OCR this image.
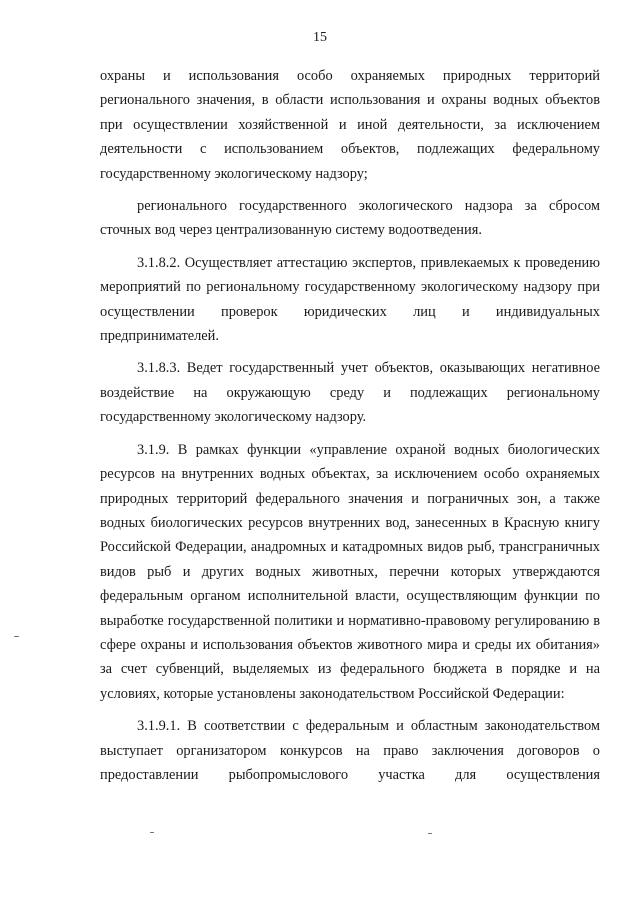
15

охраны и использования особо охраняемых природных территорий регионального значения, в области использования и охраны водных объектов при осуществлении хозяйственной и иной деятельности, за исключением деятельности с использованием объектов, подлежащих федеральному государственному экологическому надзору;

регионального государственного экологического надзора за сбросом сточных вод через централизованную систему водоотведения.

3.1.8.2. Осуществляет аттестацию экспертов, привлекаемых к проведению мероприятий по региональному государственному экологическому надзору при осуществлении проверок юридических лиц и индивидуальных предпринимателей.

3.1.8.3. Ведет государственный учет объектов, оказывающих негативное воздействие на окружающую среду и подлежащих региональному государственному экологическому надзору.

3.1.9. В рамках функции «управление охраной водных биологических ресурсов на внутренних водных объектах, за исключением особо охраняемых природных территорий федерального значения и пограничных зон, а также водных биологических ресурсов внутренних вод, занесенных в Красную книгу Российской Федерации, анадромных и катадромных видов рыб, трансграничных видов рыб и других водных животных, перечни которых утверждаются федеральным органом исполнительной власти, осуществляющим функции по выработке государственной политики и нормативно-правовому регулированию в сфере охраны и использования объектов животного мира и среды их обитания» за счет субвенций, выделяемых из федерального бюджета в порядке и на условиях, которые установлены законодательством Российской Федерации:

3.1.9.1. В соответствии с федеральным и областным законодательством выступает организатором конкурсов на право заключения договоров о предоставлении рыбопромыслового участка для осуществления
